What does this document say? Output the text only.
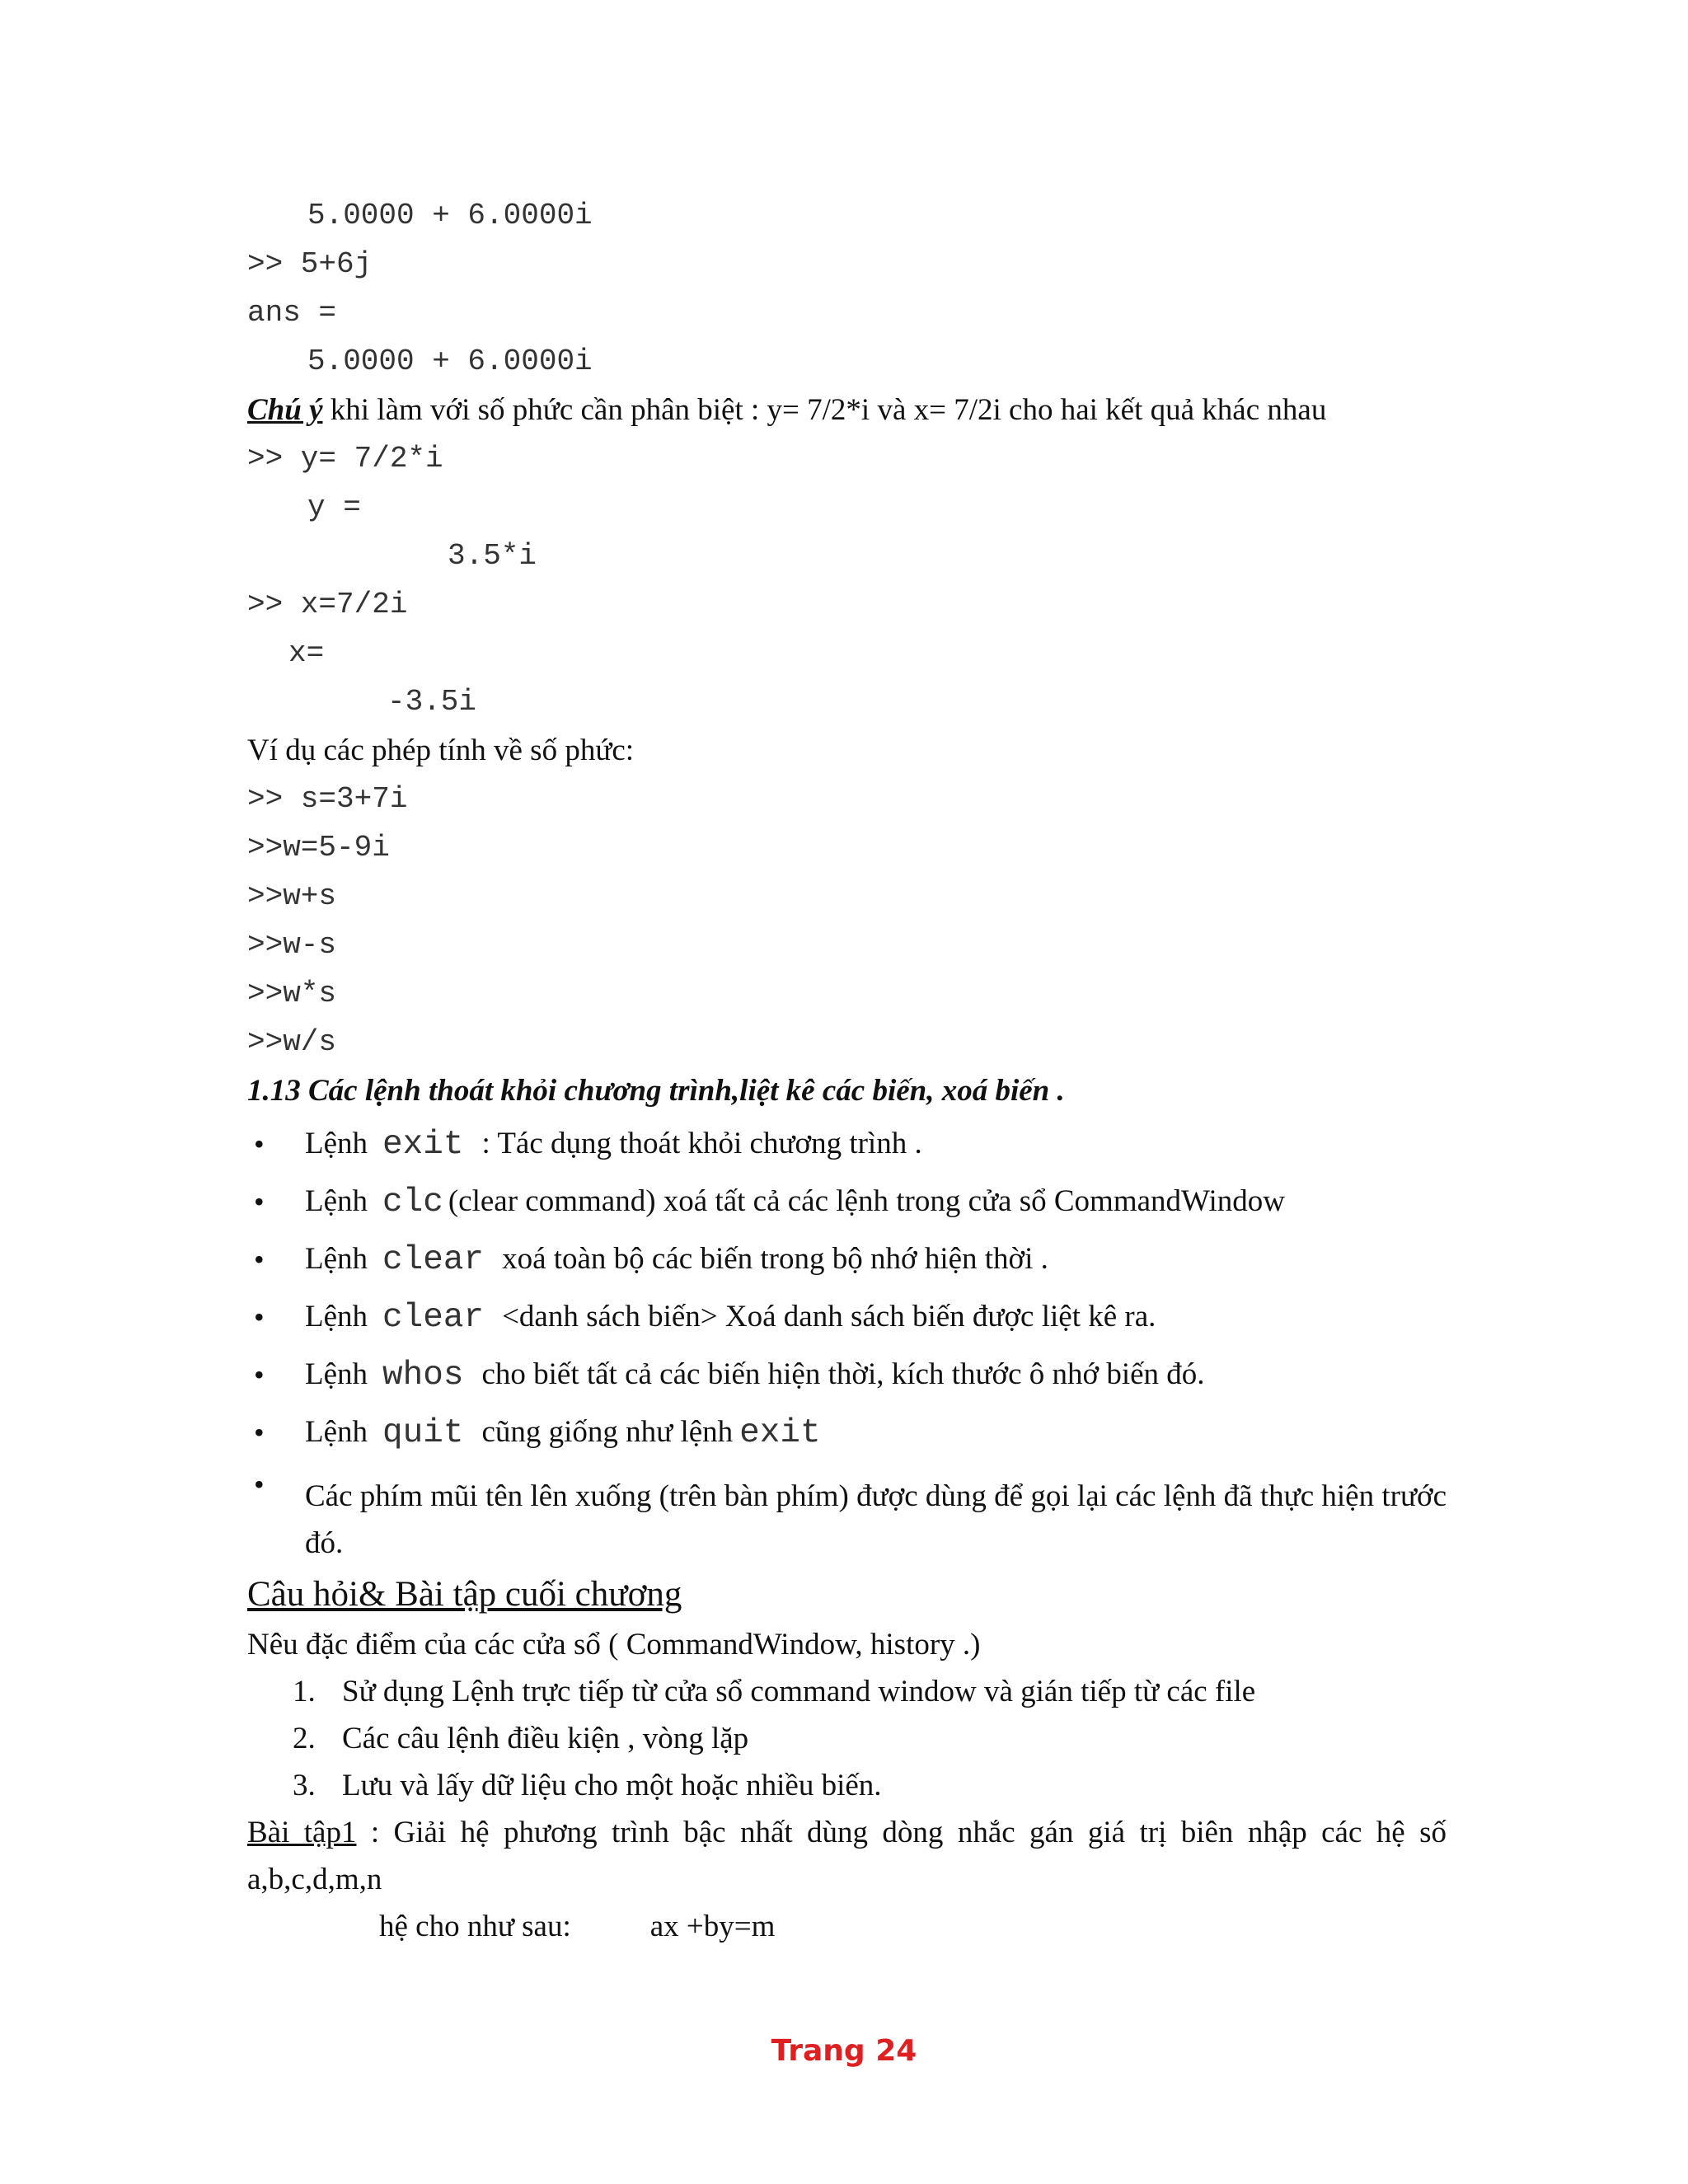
5.0000 + 6.0000i
>> 5+6j
ans =
5.0000 + 6.0000i
Chú ý khi làm với số phức cần phân biệt : y= 7/2*i và x= 7/2i cho hai kết quả khác nhau
>> y= 7/2*i
y =
3.5*i
>> x=7/2i
x=
-3.5i
Ví dụ các phép tính về số phức:
>> s=3+7i
>>w=5-9i
>>w+s
>>w-s
>>w*s
>>w/s
1.13 Các lệnh thoát khỏi chương trình,liệt kê các biến, xoá biến .
• Lệnh exit : Tác dụng thoát khỏi chương trình .
• Lệnh clc (clear command) xoá tất cả các lệnh trong cửa sổ CommandWindow
• Lệnh clear xoá toàn bộ các biến trong bộ nhớ hiện thời .
• Lệnh clear <danh sách biến> Xoá danh sách biến được liệt kê ra.
• Lệnh whos cho biết tất cả các biến hiện thời, kích thước ô nhớ biến đó.
• Lệnh quit cũng giống như lệnh exit
• Các phím mũi tên lên xuống (trên bàn phím) được dùng để gọi lại các lệnh đã thực hiện trước đó.
Câu hỏi& Bài tập cuối chương
Nêu đặc điểm của các cửa sổ ( CommandWindow, history .)
1. Sử dụng Lệnh trực tiếp từ cửa sổ command window và gián tiếp từ các file
2. Các câu lệnh điều kiện , vòng lặp
3. Lưu và lấy dữ liệu cho một hoặc nhiều biến.
Bài tập1 : Giải hệ phương trình bậc nhất dùng dòng nhắc gán giá trị biên nhập các hệ số a,b,c,d,m,n
hệ cho như sau:	ax +by=m
Trang 24
